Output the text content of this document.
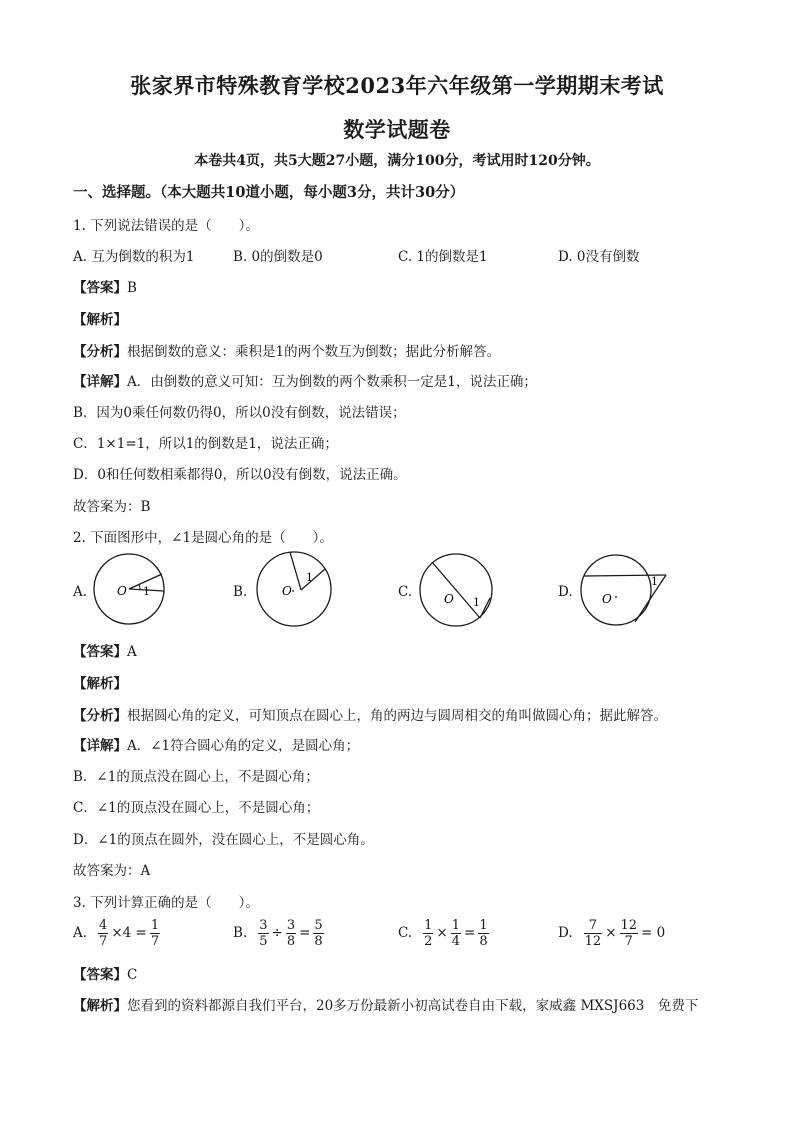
张家界市特殊教育学校2023年六年级第一学期期末考试
数学试题卷
本卷共4页，共5大题27小题，满分100分，考试用时120分钟。
一、选择题。（本大题共10道小题，每小题3分，共计30分）
1. 下列说法错误的是（　　）。
A. 互为倒数的积为1	B. 0的倒数是0	C. 1的倒数是1	D. 0没有倒数
【答案】B
【解析】
【分析】根据倒数的意义：乘积是1的两个数互为倒数；据此分析解答。
【详解】A．由倒数的意义可知：互为倒数的两个数乘积一定是1，说法正确；
B．因为0乘任何数仍得0，所以0没有倒数，说法错误；
C．1×1=1，所以1的倒数是1，说法正确；
D．0和任何数相乘都得0，所以0没有倒数，说法正确。
故答案为：B
2. 下面图形中，∠1是圆心角的是（　　）。
A. O 1	B.	O
1
C.	O 1
D. O
1
【答案】A
【解析】
【分析】根据圆心角的定义，可知顶点在圆心上，角的两边与圆周相交的角叫做圆心角；据此解答。
【详解】A．∠1符合圆心角的定义，是圆心角；
B．∠1的顶点没在圆心上，不是圆心角；
C．∠1的顶点没在圆心上，不是圆心角；
D．∠1的顶点在圆外，没在圆心上，不是圆心角。
故答案为：A
3. 下列计算正确的是（　　）。
A. $\frac{4}{7} \times 4 = \frac{1}{7}$	B. $\frac{3}{5} \div \frac{3}{8} = \frac{5}{8}$	C. $\frac{1}{2} \times \frac{1}{4} = \frac{1}{8}$	D. $\frac{7}{12} \times \frac{12}{7} = 0$
【答案】C
【解析】您看到的资料都源自我们平台，20多万份最新小初高试卷自由下载，家威鑫 MXSJ663　免费下
